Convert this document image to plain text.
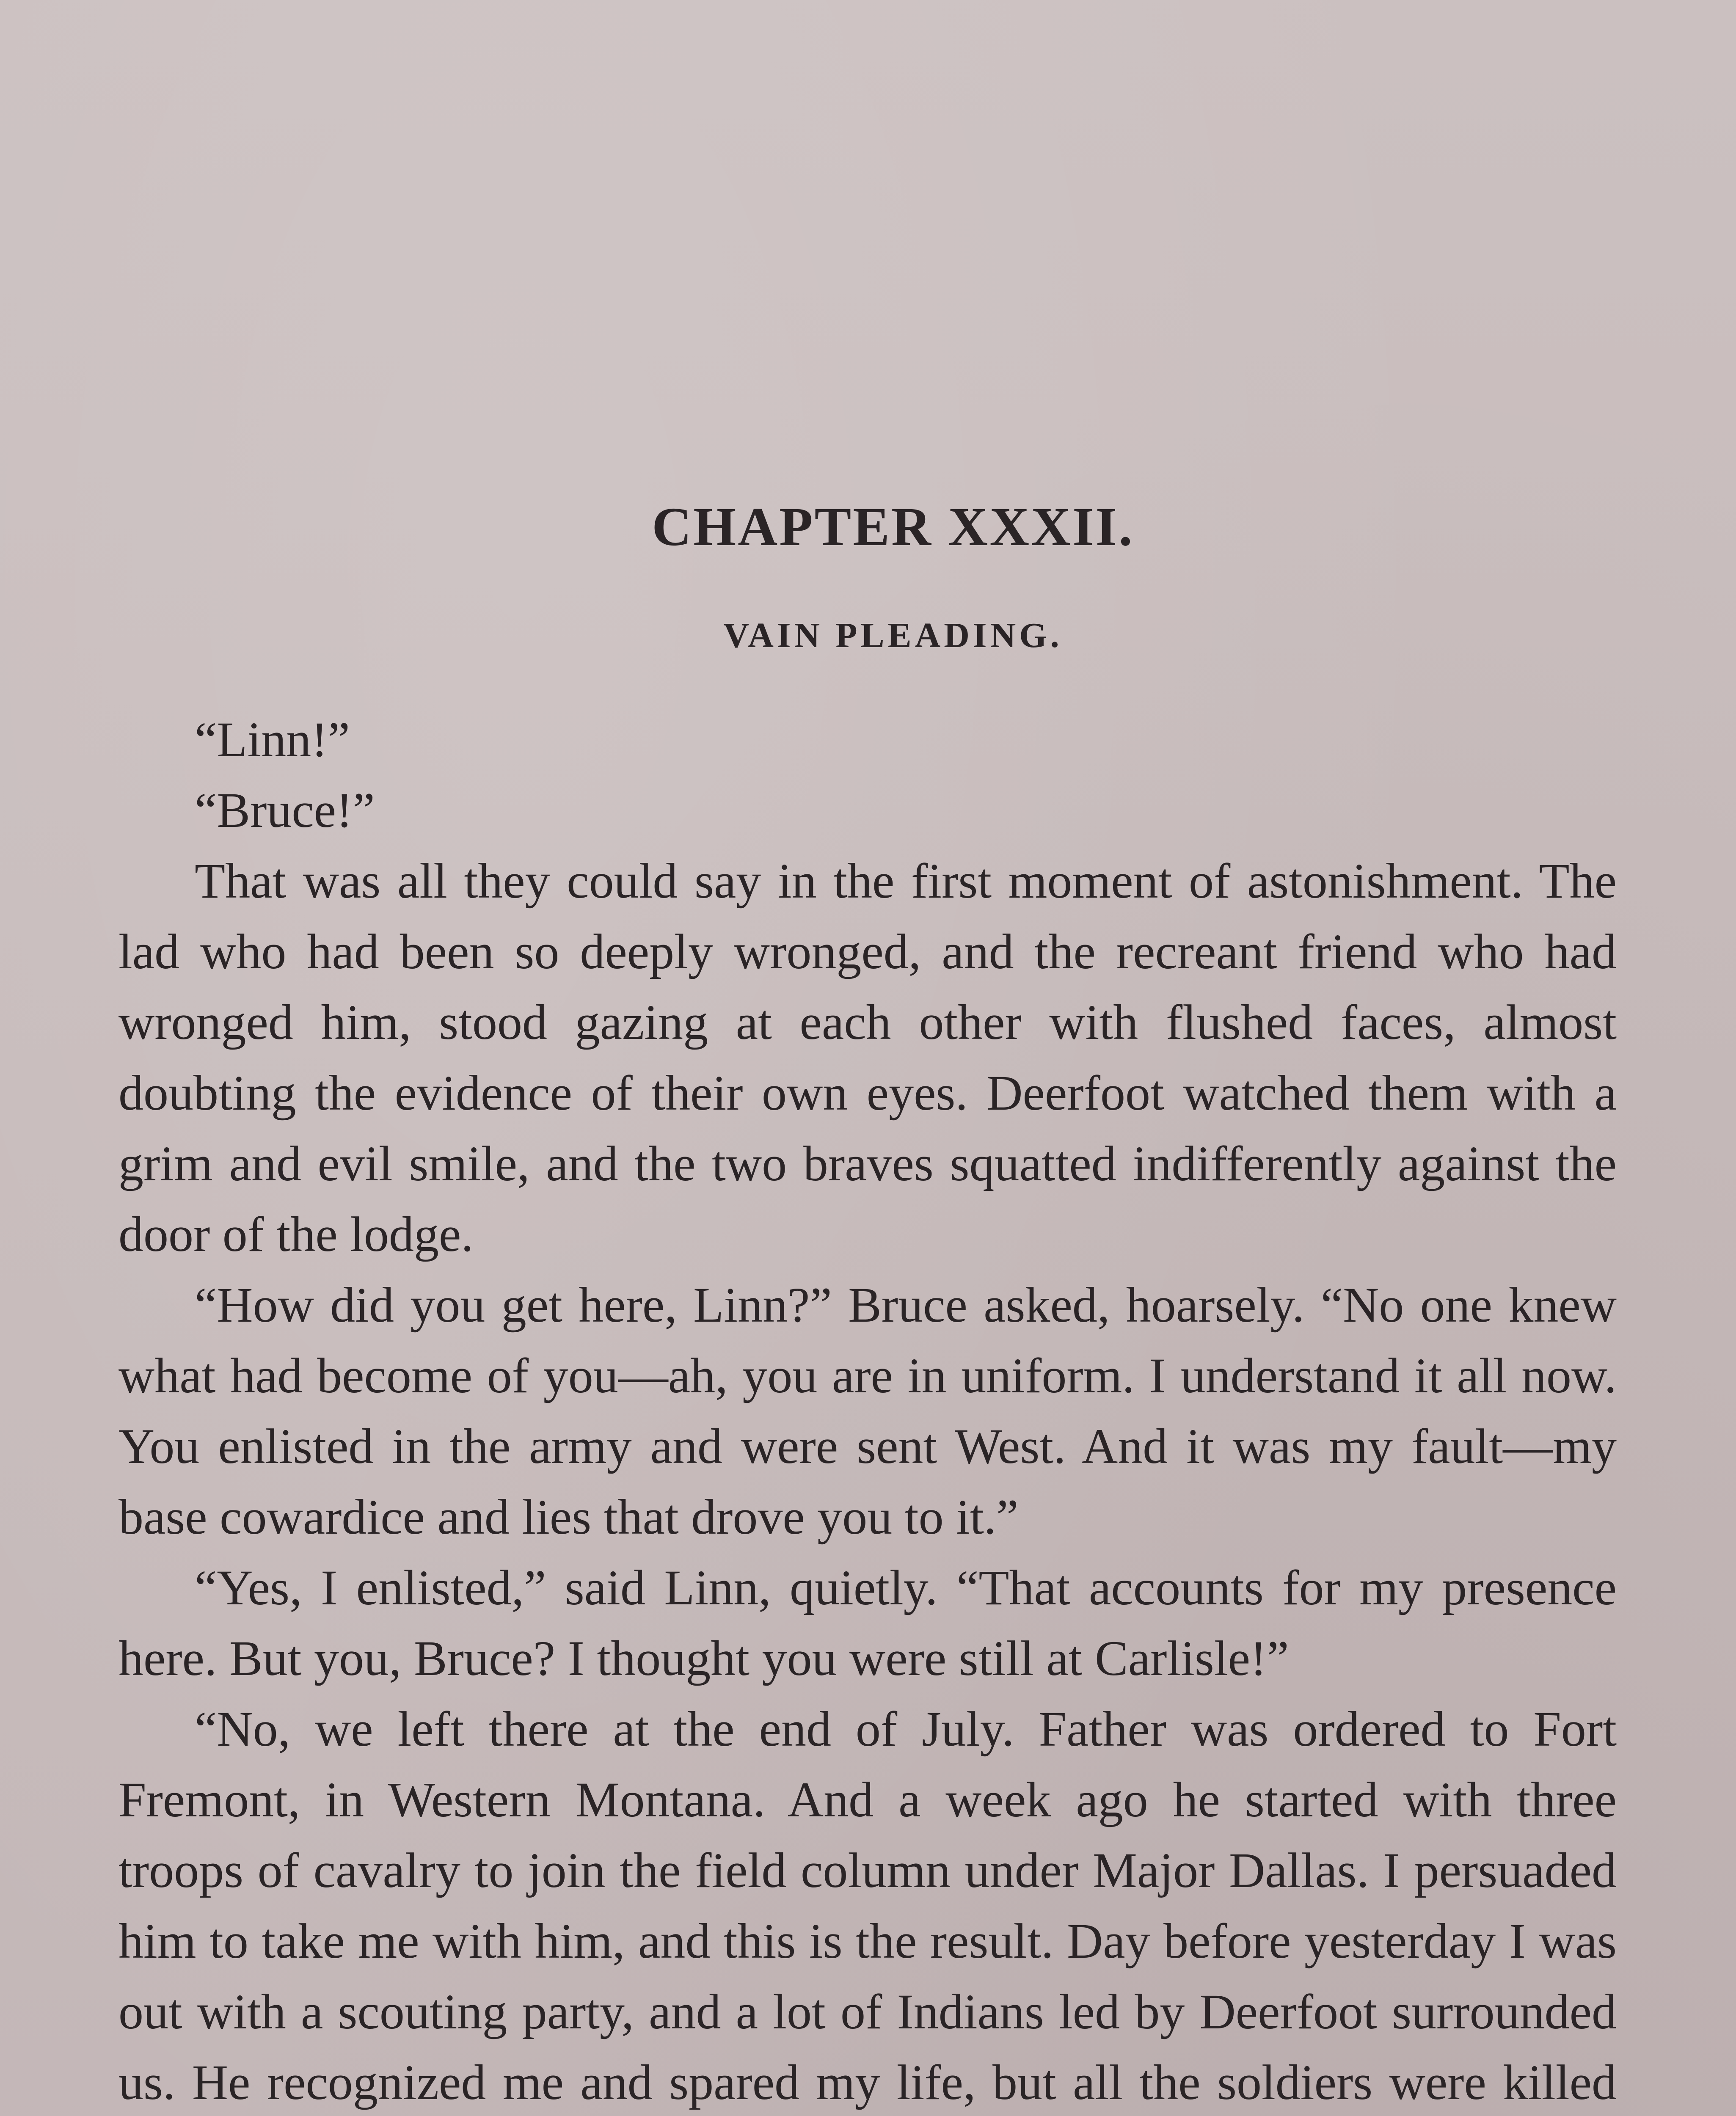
CHAPTER XXXII.
VAIN PLEADING.

“Linn!”

“Bruce!”

That was all they could say in the first moment of astonishment. The lad who had been so deeply wronged, and the recreant friend who had wronged him, stood gazing at each other with flushed faces, almost doubting the evidence of their own eyes. Deerfoot watched them with a grim and evil smile, and the two braves squatted indifferently against the door of the lodge.

“How did you get here, Linn?” Bruce asked, hoarsely. “No one knew what had become of you—ah, you are in uniform. I understand it all now. You enlisted in the army and were sent West. And it was my fault—my base cowardice and lies that drove you to it.”

“Yes, I enlisted,” said Linn, quietly. “That accounts for my presence here. But you, Bruce? I thought you were still at Carlisle!”

“No, we left there at the end of July. Father was ordered to Fort Fremont, in Western Montana. And a week ago he started with three troops of cavalry to join the field column under Major Dallas. I persuaded him to take me with him, and this is the result. Day before yesterday I was out with a scouting party, and a lot of Indians led by Deerfoot surrounded us. He recognized me and spared my life, but all the soldiers were killed
